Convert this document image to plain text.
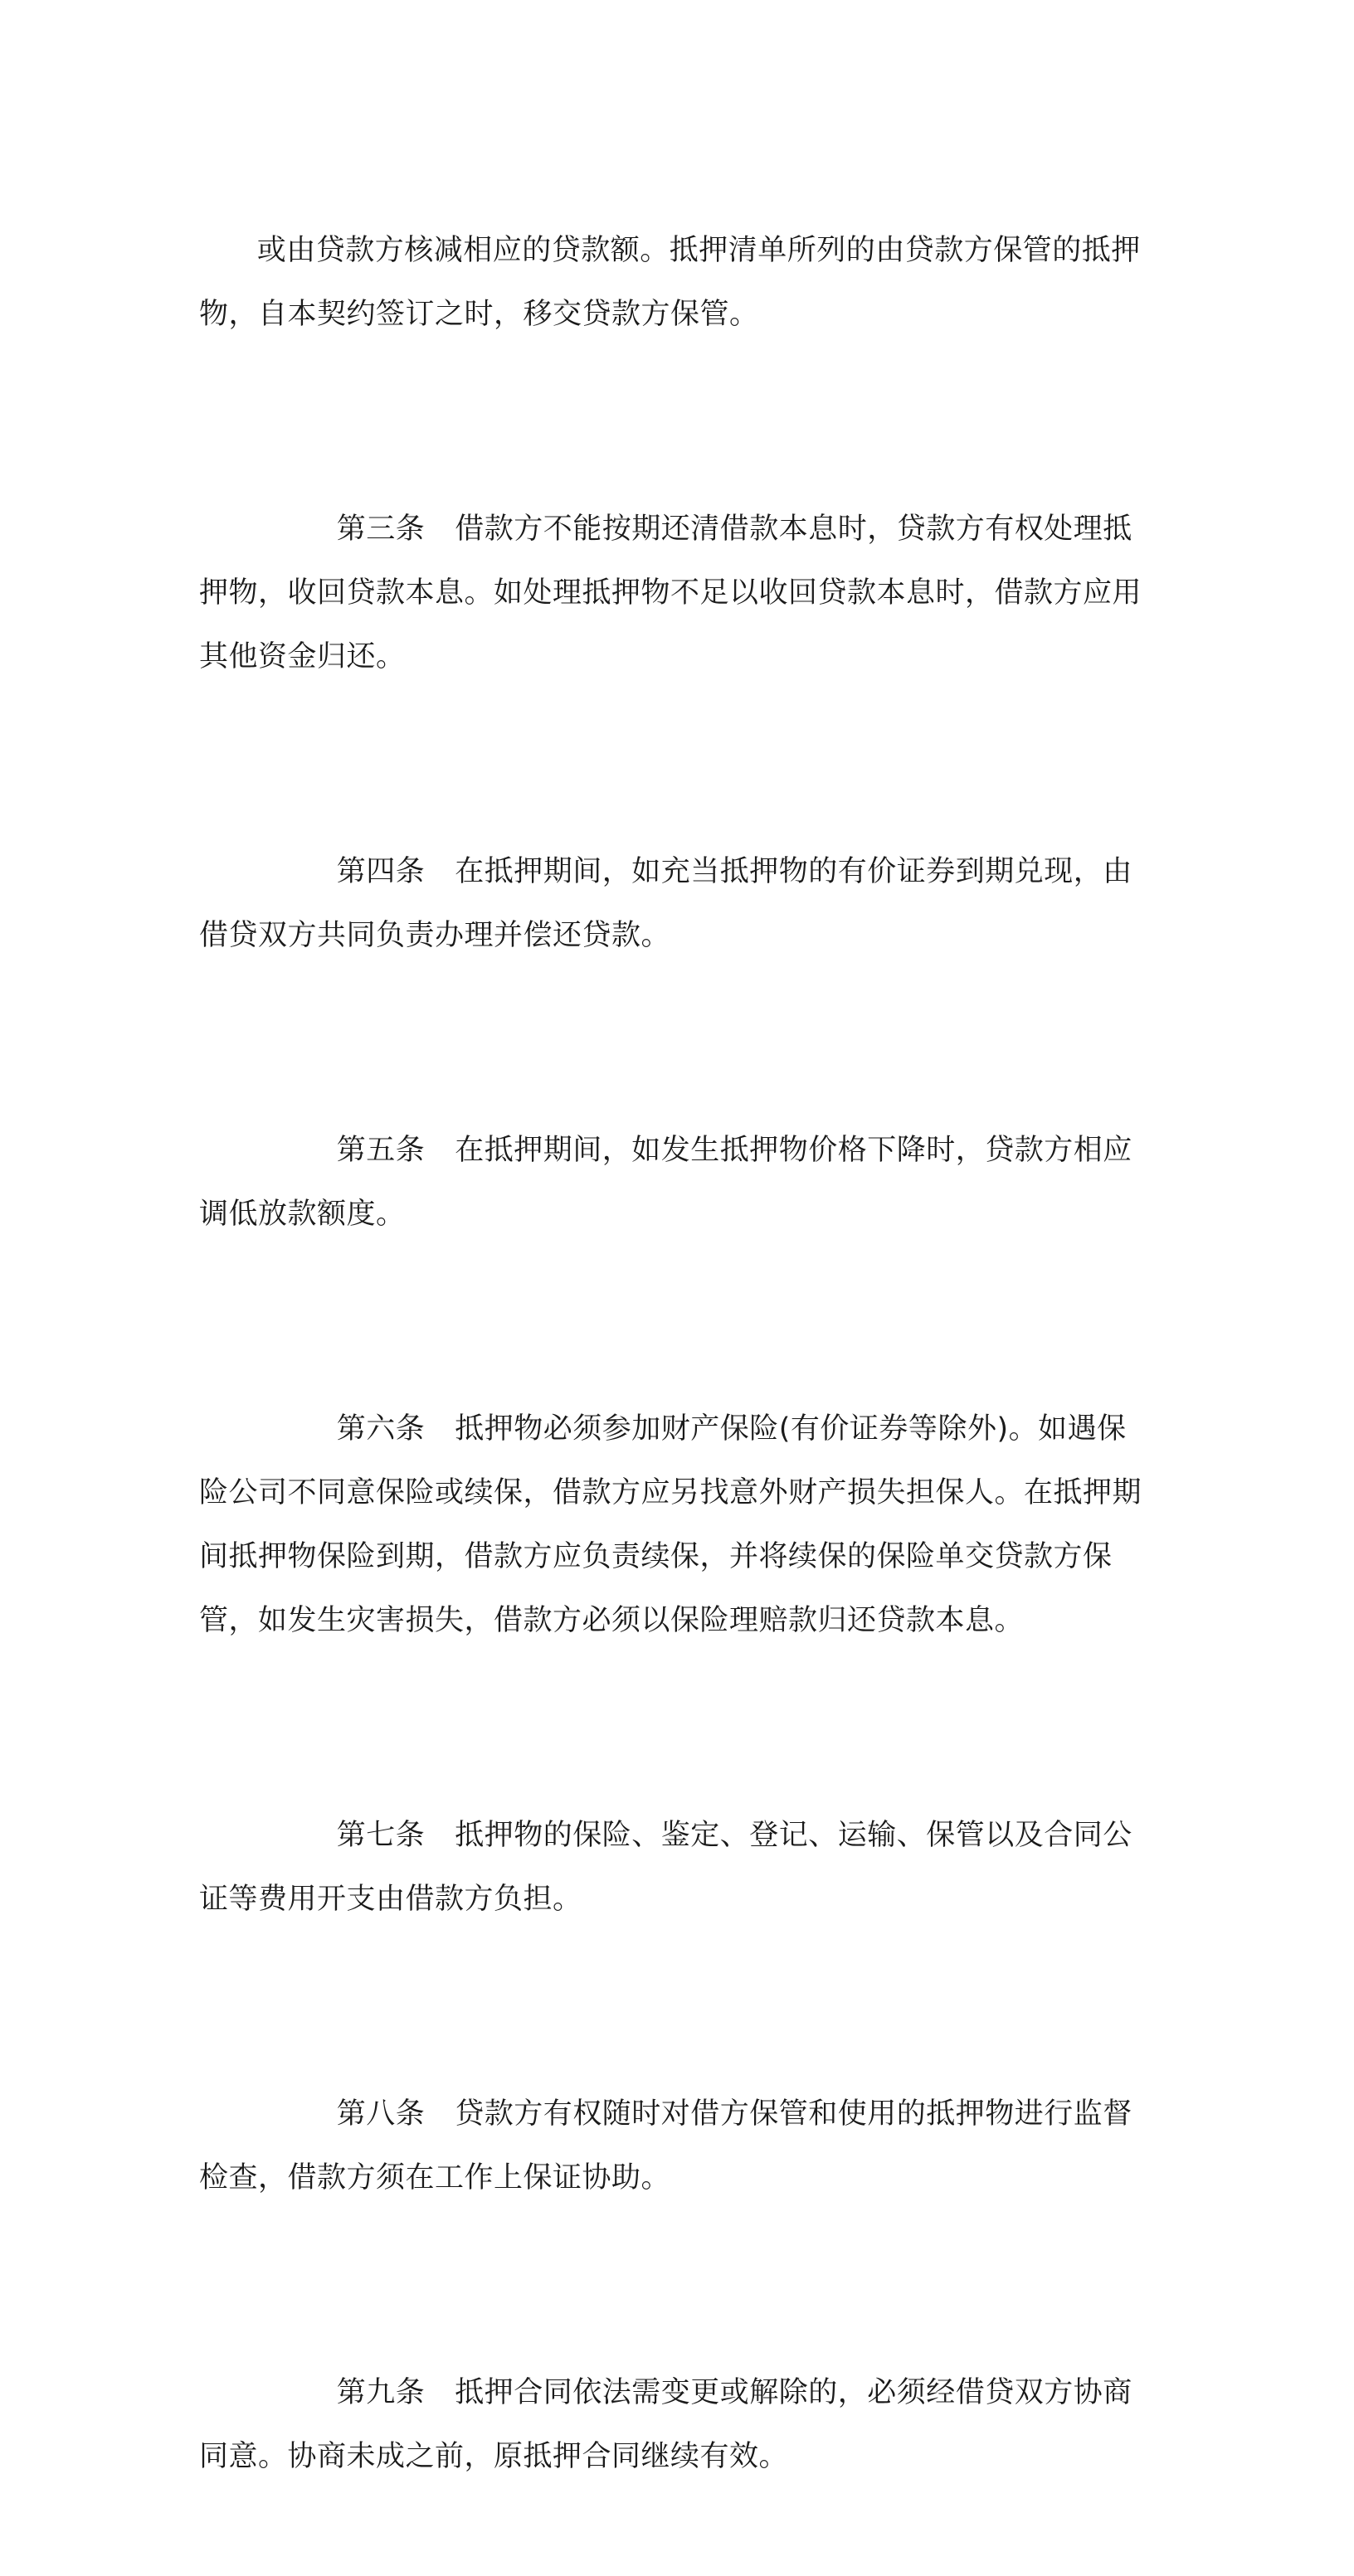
或由贷款方核减相应的贷款额。抵押清单所列的由贷款方保管的抵押物，自本契约签订之时，移交贷款方保管。

第三条 借款方不能按期还清借款本息时，贷款方有权处理抵押物，收回贷款本息。如处理抵押物不足以收回贷款本息时，借款方应用其他资金归还。

第四条 在抵押期间，如充当抵押物的有价证券到期兑现，由借贷双方共同负责办理并偿还贷款。

第五条 在抵押期间，如发生抵押物价格下降时，贷款方相应调低放款额度。

第六条 抵押物必须参加财产保险(有价证券等除外)。如遇保险公司不同意保险或续保，借款方应另找意外财产损失担保人。在抵押期间抵押物保险到期，借款方应负责续保，并将续保的保险单交贷款方保管，如发生灾害损失，借款方必须以保险理赔款归还贷款本息。

第七条 抵押物的保险、鉴定、登记、运输、保管以及合同公证等费用开支由借款方负担。

第八条 贷款方有权随时对借方保管和使用的抵押物进行监督检查，借款方须在工作上保证协助。

第九条 抵押合同依法需变更或解除的，必须经借贷双方协商同意。协商未成之前，原抵押合同继续有效。
